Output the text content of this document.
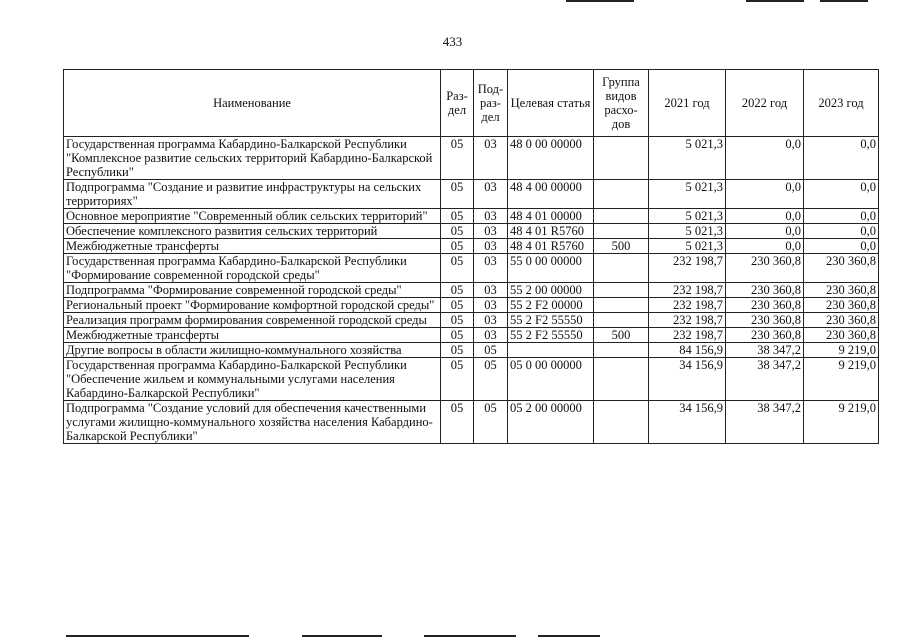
433
Наименование	Раз-дел	Под-раз-дел	Целевая статья	Группа видов расхо-дов	2021 год	2022 год	2023 год
Государственная программа Кабардино-Балкарской Республики "Комплексное развитие сельских территорий Кабардино-Балкарской Республики"	05	03	48 0 00 00000		5 021,3	0,0	0,0
Подпрограмма "Создание и развитие инфраструктуры на сельских территориях"	05	03	48 4 00 00000		5 021,3	0,0	0,0
Основное мероприятие "Современный облик сельских территорий"	05	03	48 4 01 00000		5 021,3	0,0	0,0
Обеспечение комплексного развития сельских территорий	05	03	48 4 01 R5760		5 021,3	0,0	0,0
Межбюджетные трансферты	05	03	48 4 01 R5760	500	5 021,3	0,0	0,0
Государственная программа Кабардино-Балкарской Республики "Формирование современной городской среды"	05	03	55 0 00 00000		232 198,7	230 360,8	230 360,8
Подпрограмма "Формирование современной городской среды"	05	03	55 2 00 00000		232 198,7	230 360,8	230 360,8
Региональный проект "Формирование комфортной городской среды"	05	03	55 2 F2 00000		232 198,7	230 360,8	230 360,8
Реализация программ формирования современной городской среды	05	03	55 2 F2 55550		232 198,7	230 360,8	230 360,8
Межбюджетные трансферты	05	03	55 2 F2 55550	500	232 198,7	230 360,8	230 360,8
Другие вопросы в области жилищно-коммунального хозяйства	05	05			84 156,9	38 347,2	9 219,0
Государственная программа Кабардино-Балкарской Республики "Обеспечение жильем и коммунальными услугами населения Кабардино-Балкарской Республики"	05	05	05 0 00 00000		34 156,9	38 347,2	9 219,0
Подпрограмма "Создание условий для обеспечения качественными услугами жилищно-коммунального хозяйства населения Кабардино-Балкарской Республики"	05	05	05 2 00 00000		34 156,9	38 347,2	9 219,0
